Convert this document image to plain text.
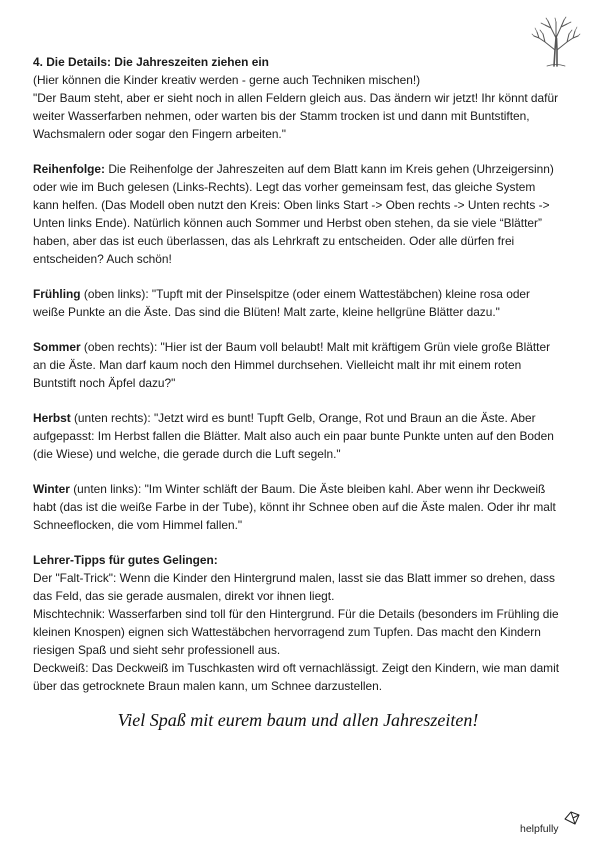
4. Die Details: Die Jahreszeiten ziehen ein
(Hier können die Kinder kreativ werden - gerne auch Techniken mischen!)
"Der Baum steht, aber er sieht noch in allen Feldern gleich aus. Das ändern wir jetzt! Ihr könnt dafür weiter Wasserfarben nehmen, oder warten bis der Stamm trocken ist und dann mit Buntstiften, Wachsmalern oder sogar den Fingern arbeiten."

Reihenfolge: Die Reihenfolge der Jahreszeiten auf dem Blatt kann im Kreis gehen (Uhrzeigersinn) oder wie im Buch gelesen (Links-Rechts). Legt das vorher gemeinsam fest, das gleiche System kann helfen. (Das Modell oben nutzt den Kreis: Oben links Start -> Oben rechts -> Unten rechts -> Unten links Ende). Natürlich können auch Sommer und Herbst oben stehen, da sie viele “Blätter” haben, aber das ist euch überlassen, das als Lehrkraft zu entscheiden. Oder alle dürfen frei entscheiden? Auch schön!

Frühling (oben links): "Tupft mit der Pinselspitze (oder einem Wattestäbchen) kleine rosa oder weiße Punkte an die Äste. Das sind die Blüten! Malt zarte, kleine hellgrüne Blätter dazu."

Sommer (oben rechts): "Hier ist der Baum voll belaubt! Malt mit kräftigem Grün viele große Blätter an die Äste. Man darf kaum noch den Himmel durchsehen. Vielleicht malt ihr mit einem roten Buntstift noch Äpfel dazu?"

Herbst (unten rechts): "Jetzt wird es bunt! Tupft Gelb, Orange, Rot und Braun an die Äste. Aber aufgepasst: Im Herbst fallen die Blätter. Malt also auch ein paar bunte Punkte unten auf den Boden (die Wiese) und welche, die gerade durch die Luft segeln."

Winter (unten links): "Im Winter schläft der Baum. Die Äste bleiben kahl. Aber wenn ihr Deckweiß habt (das ist die weiße Farbe in der Tube), könnt ihr Schnee oben auf die Äste malen. Oder ihr malt Schneeflocken, die vom Himmel fallen."

Lehrer-Tipps für gutes Gelingen:
Der "Falt-Trick": Wenn die Kinder den Hintergrund malen, lasst sie das Blatt immer so drehen, dass das Feld, das sie gerade ausmalen, direkt vor ihnen liegt.
Mischtechnik: Wasserfarben sind toll für den Hintergrund. Für die Details (besonders im Frühling die kleinen Knospen) eignen sich Wattestäbchen hervorragend zum Tupfen. Das macht den Kindern riesigen Spaß und sieht sehr professionell aus.
Deckweiß: Das Deckweiß im Tuschkasten wird oft vernachlässigt. Zeigt den Kindern, wie man damit über das getrocknete Braun malen kann, um Schnee darzustellen.

Viel Spaß mit eurem baum und allen Jahreszeiten!
helpfully
